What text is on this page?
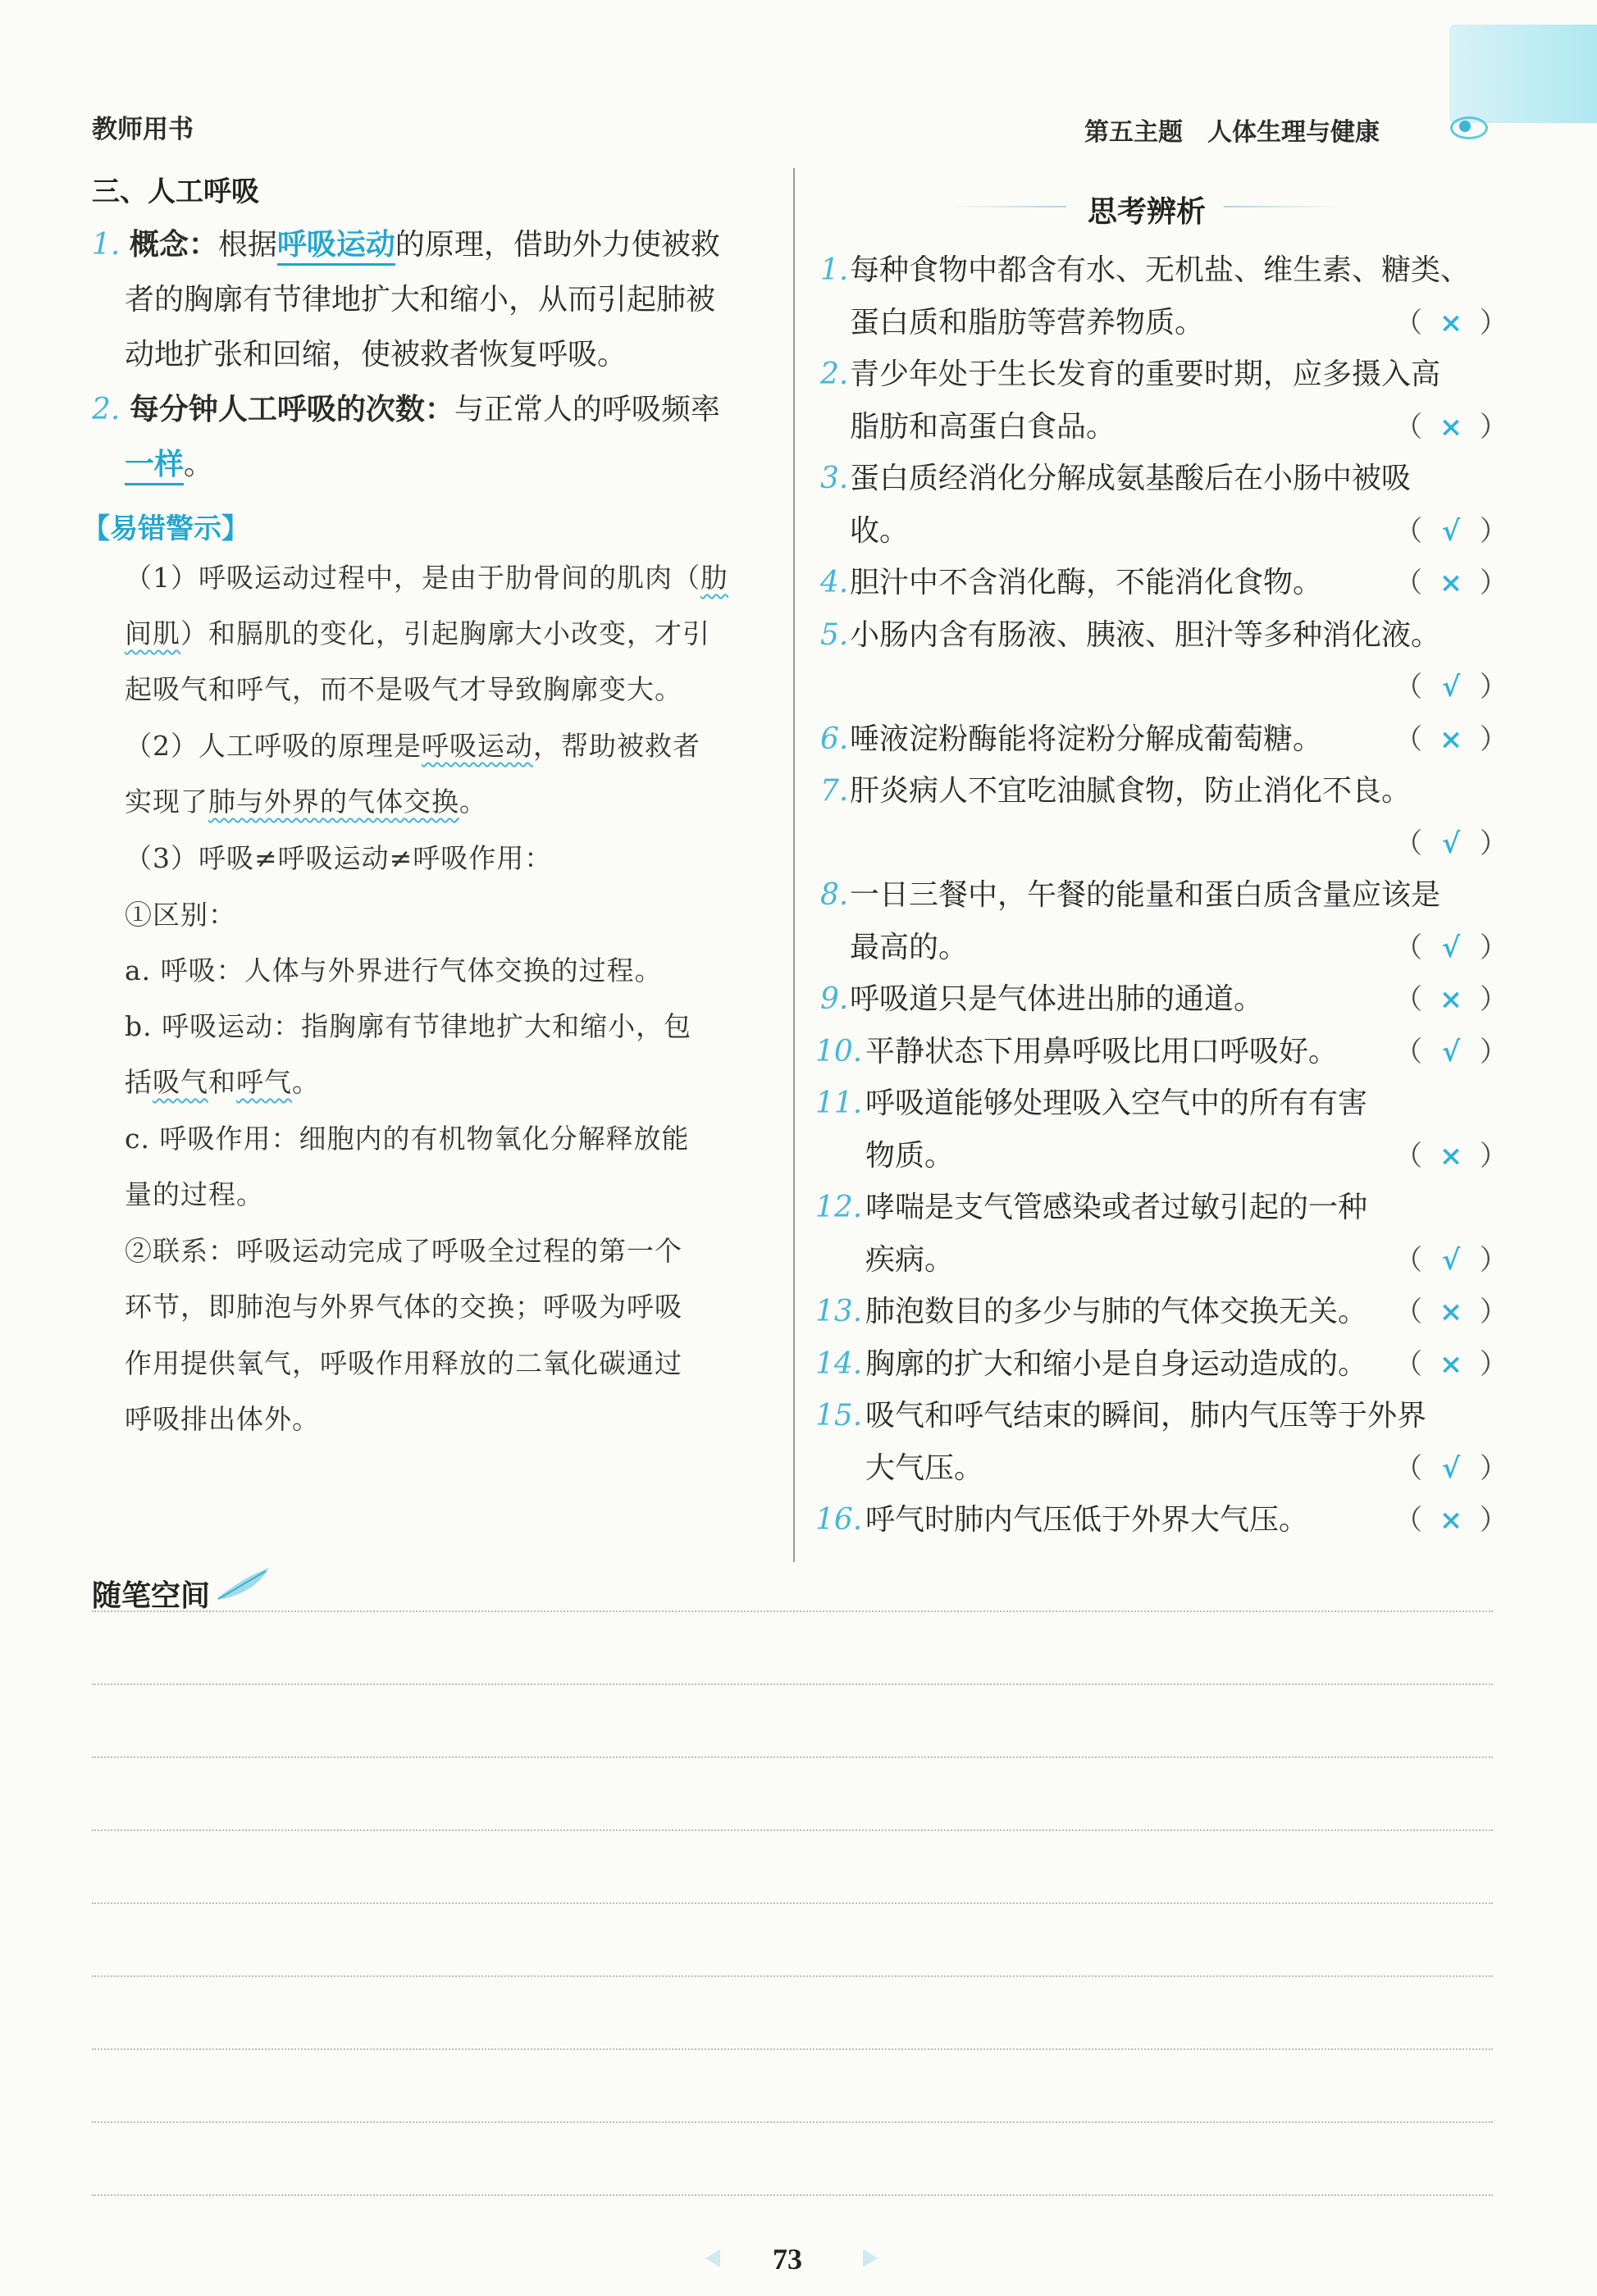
教师用书	第五主题　人体生理与健康
三、人工呼吸
1. 概念：根据呼吸运动的原理，借助外力使被救
者的胸廓有节律地扩大和缩小，从而引起肺被
动地扩张和回缩，使被救者恢复呼吸。
2. 每分钟人工呼吸的次数：与正常人的呼吸频率
一样。
【易错警示】
（1）呼吸运动过程中，是由于肋骨间的肌肉（肋
间肌）和膈肌的变化，引起胸廓大小改变，才引
起吸气和呼气，而不是吸气才导致胸廓变大。
（2）人工呼吸的原理是呼吸运动，帮助被救者
实现了肺与外界的气体交换。
（3）呼吸≠呼吸运动≠呼吸作用：
①区别：
a. 呼吸：人体与外界进行气体交换的过程。
b. 呼吸运动：指胸廓有节律地扩大和缩小，包
括吸气和呼气。
c. 呼吸作用：细胞内的有机物氧化分解释放能
量的过程。
②联系：呼吸运动完成了呼吸全过程的第一个
环节，即肺泡与外界气体的交换；呼吸为呼吸
作用提供氧气，呼吸作用释放的二氧化碳通过
呼吸排出体外。
思考辨析
1. 每种食物中都含有水、无机盐、维生素、糖类、
蛋白质和脂肪等营养物质。	（ × ）
2. 青少年处于生长发育的重要时期，应多摄入高
脂肪和高蛋白食品。	（ × ）
3. 蛋白质经消化分解成氨基酸后在小肠中被吸
收。	（ √ ）
4. 胆汁中不含消化酶，不能消化食物。	（ × ）
5. 小肠内含有肠液、胰液、胆汁等多种消化液。
（ √ ）
6. 唾液淀粉酶能将淀粉分解成葡萄糖。	（ × ）
7. 肝炎病人不宜吃油腻食物，防止消化不良。
（ √ ）
8. 一日三餐中，午餐的能量和蛋白质含量应该是
最高的。	（ √ ）
9. 呼吸道只是气体进出肺的通道。	（ × ）
10. 平静状态下用鼻呼吸比用口呼吸好。 （ √ ）
11. 呼吸道能够处理吸入空气中的所有有害
物质。	（ × ）
12. 哮喘是支气管感染或者过敏引起的一种
疾病。	（ √ ）
13. 肺泡数目的多少与肺的气体交换无关。 （ × ）
14. 胸廓的扩大和缩小是自身运动造成的。 （ × ）
15. 吸气和呼气结束的瞬间，肺内气压等于外界
大气压。	（ √ ）
16. 呼气时肺内气压低于外界大气压。	（ × ）
随笔空间
73
